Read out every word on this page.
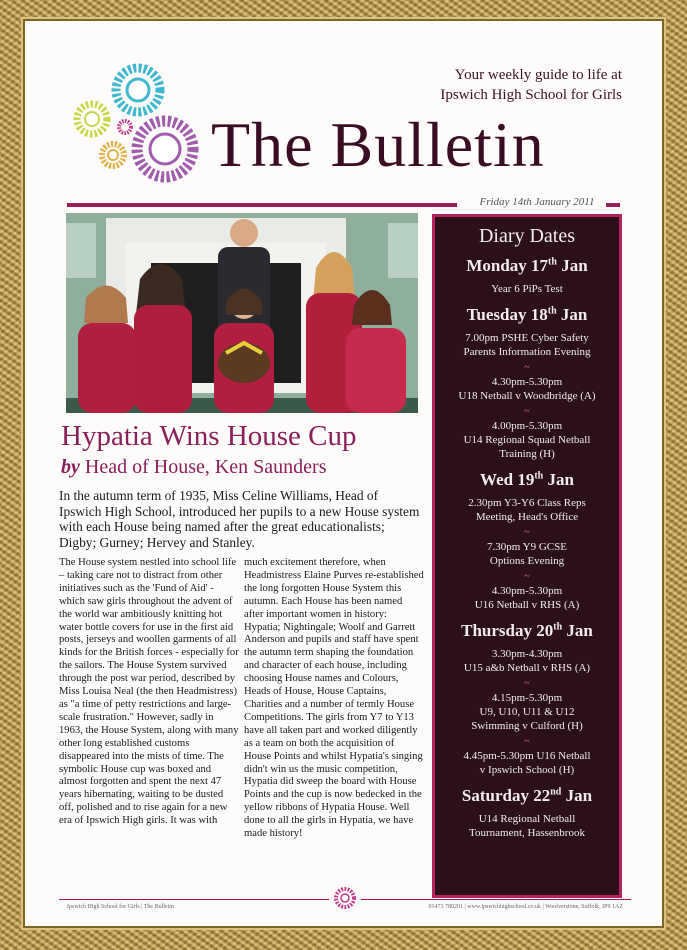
Your weekly guide to life at
Ipswich High School for Girls
The Bulletin
Friday 14th January 2011
Hypatia Wins House Cup
by Head of House, Ken Saunders
In the autumn term of 1935, Miss Celine Williams, Head of Ipswich High School, introduced her pupils to a new House system with each House being named after the great educationalists; Digby; Gurney; Hervey and Stanley.
The House system nestled into school life – taking care not to distract from other initiatives such as the 'Fund of Aid' - which saw girls throughout the advent of the world war ambitiously knitting hot water bottle covers for use in the first aid posts, jerseys and woollen garments of all kinds for the British forces - especially for the sailors. The House System survived through the post war period, described by Miss Louisa Neal (the then Headmistress) as "a time of petty restrictions and large-scale frustration." However, sadly in 1963, the House System, along with many other long established customs disappeared into the mists of time. The symbolic House cup was boxed and almost forgotten and spent the next 47 years hibernating, waiting to be dusted off, polished and to rise again for a new era of Ipswich High girls. It was with
much excitement therefore, when Headmistress Elaine Purves re-established the long forgotten House System this autumn. Each House has been named after important women in history: Hypatia; Nightingale; Woolf and Garrett Anderson and pupils and staff have spent the autumn term shaping the foundation and character of each house, including choosing House names and Colours, Heads of House, House Captains, Charities and a number of termly House Competitions. The girls from Y7 to Y13 have all taken part and worked diligently as a team on both the acquisition of House Points and whilst Hypatia's singing didn't win us the music competition, Hypatia did sweep the board with House Points and the cup is now bedecked in the yellow ribbons of Hypatia House. Well done to all the girls in Hypatia, we have made history!
Diary Dates
Monday 17th Jan
Year 6 PiPs Test
Tuesday 18th Jan
7.00pm PSHE Cyber Safety
Parents Information Evening
~
4.30pm-5.30pm
U18 Netball v Woodbridge (A)
~
4.00pm-5.30pm
U14 Regional Squad Netball
Training (H)
Wed 19th Jan
2.30pm Y3-Y6 Class Reps
Meeting, Head's Office
~
7.30pm Y9 GCSE
Options Evening
~
4.30pm-5.30pm
U16 Netball v RHS (A)
Thursday 20th Jan
3.30pm-4.30pm
U15 a&b Netball v RHS (A)
~
4.15pm-5.30pm
U9, U10, U11 & U12
Swimming v Culford (H)
~
4.45pm-5.30pm U16 Netball
v Ipswich School (H)
Saturday 22nd Jan
U14 Regional Netball
Tournament, Hassenbrook
Ipswich High School for Girls | The Bulletin	01473 780201 | www.ipswichhighschool.co.uk | Woolverstone, Suffolk, IP9 1AZ
